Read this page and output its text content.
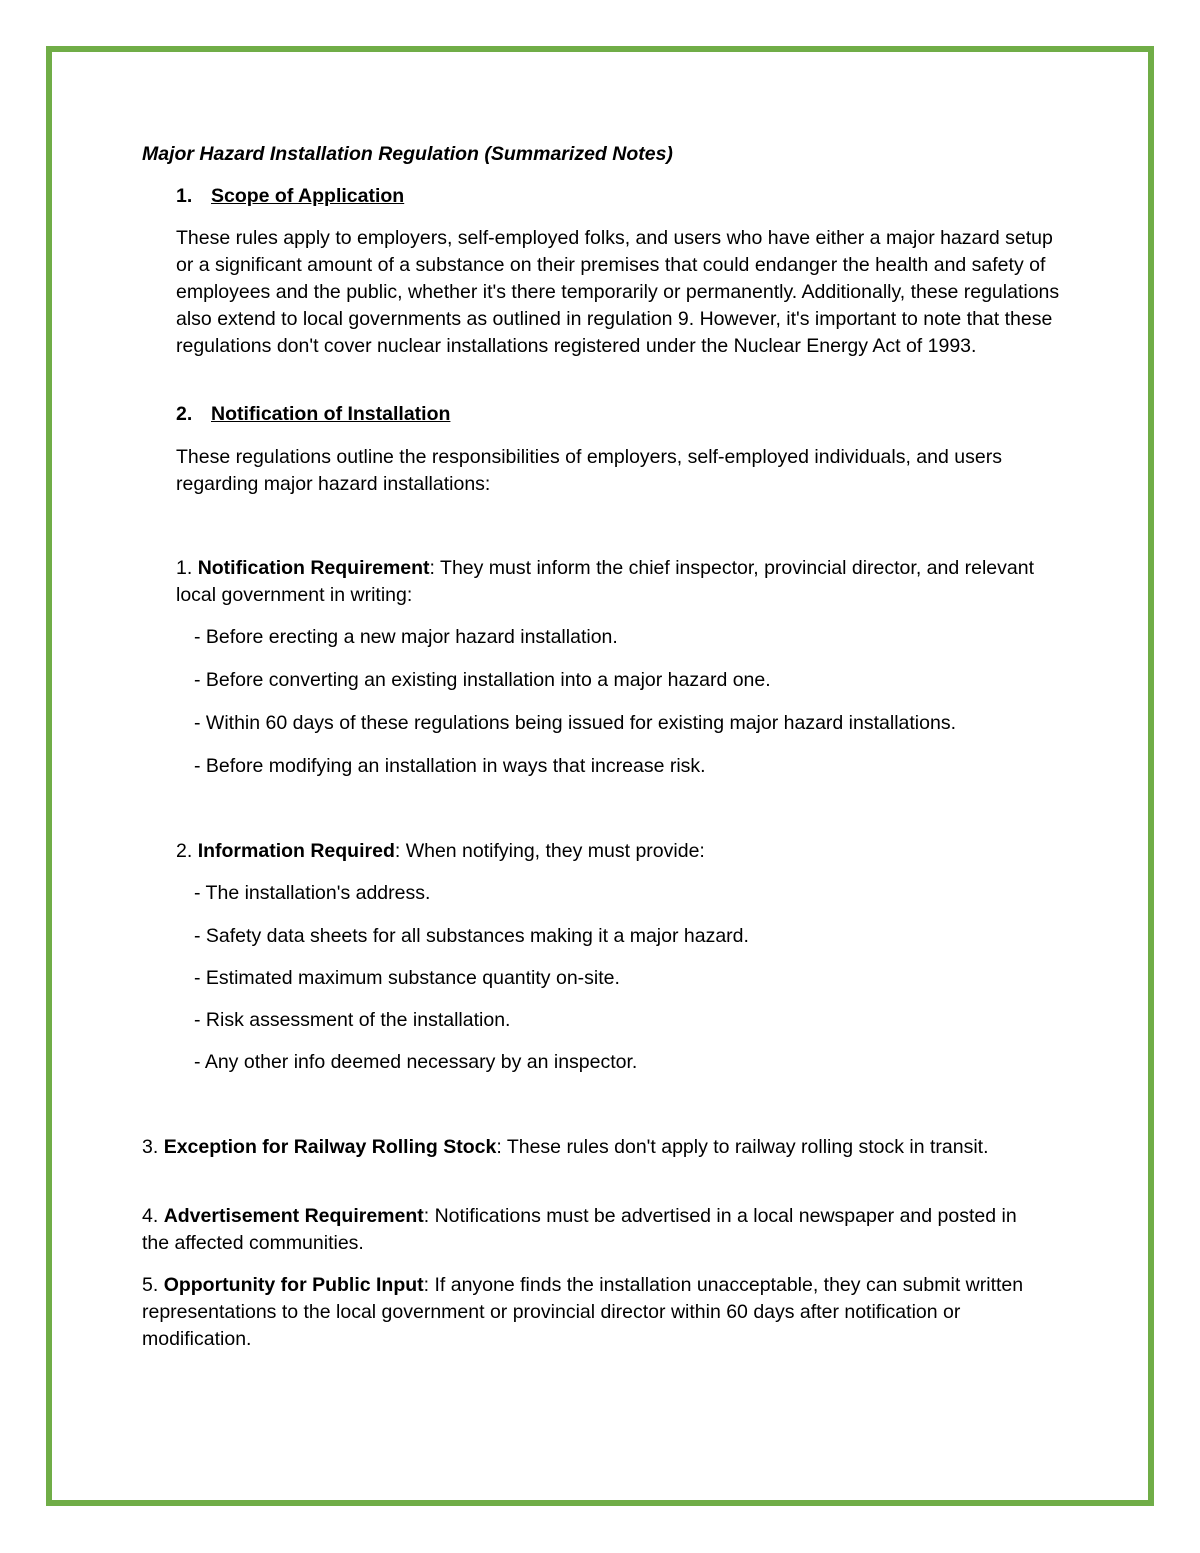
Major Hazard Installation Regulation (Summarized Notes)

1. Scope of Application

These rules apply to employers, self-employed folks, and users who have either a major hazard setup or a significant amount of a substance on their premises that could endanger the health and safety of employees and the public, whether it's there temporarily or permanently. Additionally, these regulations also extend to local governments as outlined in regulation 9. However, it's important to note that these regulations don't cover nuclear installations registered under the Nuclear Energy Act of 1993.

2. Notification of Installation

These regulations outline the responsibilities of employers, self-employed individuals, and users regarding major hazard installations:

1. Notification Requirement: They must inform the chief inspector, provincial director, and relevant local government in writing:

- Before erecting a new major hazard installation.

- Before converting an existing installation into a major hazard one.

- Within 60 days of these regulations being issued for existing major hazard installations.

- Before modifying an installation in ways that increase risk.

2. Information Required: When notifying, they must provide:

- The installation's address.

- Safety data sheets for all substances making it a major hazard.

- Estimated maximum substance quantity on-site.

- Risk assessment of the installation.

- Any other info deemed necessary by an inspector.

3. Exception for Railway Rolling Stock: These rules don't apply to railway rolling stock in transit.

4. Advertisement Requirement: Notifications must be advertised in a local newspaper and posted in the affected communities.

5. Opportunity for Public Input: If anyone finds the installation unacceptable, they can submit written representations to the local government or provincial director within 60 days after notification or modification.
